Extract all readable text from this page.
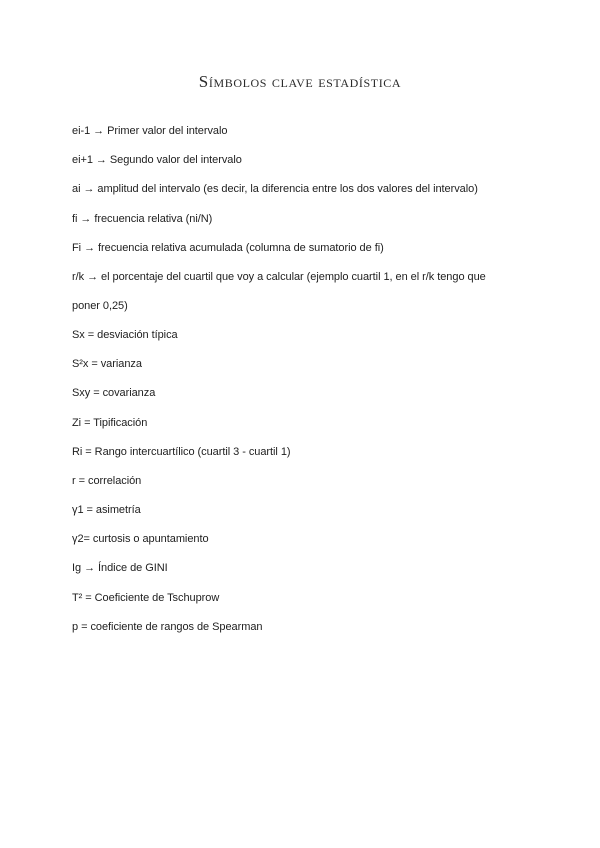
Símbolos clave estadística
ei-1 → Primer valor del intervalo
ei+1 → Segundo valor del intervalo
ai → amplitud del intervalo (es decir, la diferencia entre los dos valores del intervalo)
fi → frecuencia relativa (ni/N)
Fi → frecuencia relativa acumulada (columna de sumatorio de fi)
r/k → el porcentaje del cuartil que voy a calcular (ejemplo cuartil 1, en el r/k tengo que poner 0,25)
Sx = desviación típica
S²x = varianza
Sxy = covarianza
Zi = Tipificación
Ri = Rango intercuartílico (cuartil 3 - cuartil 1)
r = correlación
γ1 = asimetría
γ2= curtosis o apuntamiento
Ig → Índice de GINI
T² = Coeficiente de Tschuprow
p = coeficiente de rangos de Spearman
